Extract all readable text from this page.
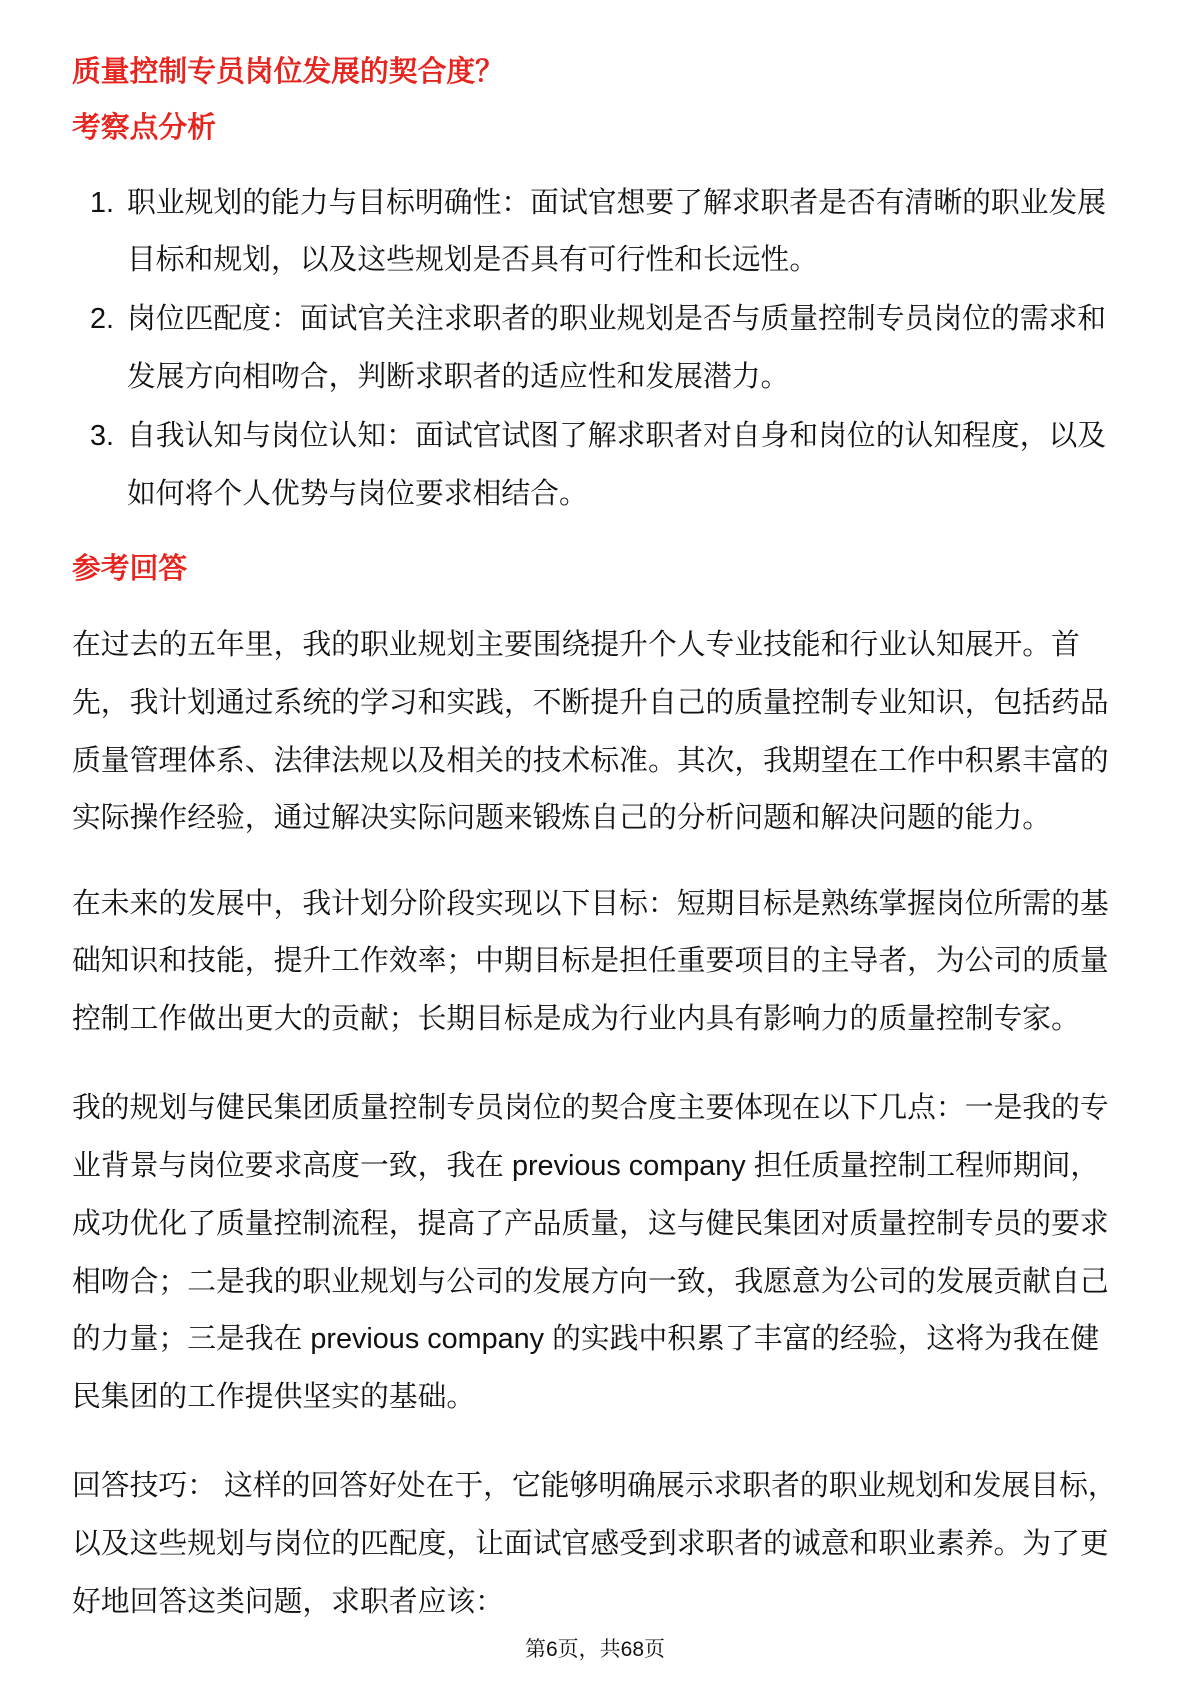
质量控制专员岗位发展的契合度？
考察点分析
1. 职业规划的能力与目标明确性：面试官想要了解求职者是否有清晰的职业发展
目标和规划，以及这些规划是否具有可行性和长远性。
2. 岗位匹配度：面试官关注求职者的职业规划是否与质量控制专员岗位的需求和
发展方向相吻合，判断求职者的适应性和发展潜力。
3. 自我认知与岗位认知：面试官试图了解求职者对自身和岗位的认知程度，以及
如何将个人优势与岗位要求相结合。
参考回答
在过去的五年里，我的职业规划主要围绕提升个人专业技能和行业认知展开。首
先，我计划通过系统的学习和实践，不断提升自己的质量控制专业知识，包括药品
质量管理体系、法律法规以及相关的技术标准。其次，我期望在工作中积累丰富的
实际操作经验，通过解决实际问题来锻炼自己的分析问题和解决问题的能力。
在未来的发展中，我计划分阶段实现以下目标：短期目标是熟练掌握岗位所需的基
础知识和技能，提升工作效率；中期目标是担任重要项目的主导者，为公司的质量
控制工作做出更大的贡献；长期目标是成为行业内具有影响力的质量控制专家。
我的规划与健民集团质量控制专员岗位的契合度主要体现在以下几点：一是我的专
业背景与岗位要求高度一致，我在 previous company 担任质量控制工程师期间，
成功优化了质量控制流程，提高了产品质量，这与健民集团对质量控制专员的要求
相吻合；二是我的职业规划与公司的发展方向一致，我愿意为公司的发展贡献自己
的力量；三是我在 previous company 的实践中积累了丰富的经验，这将为我在健
民集团的工作提供坚实的基础。
回答技巧： 这样的回答好处在于，它能够明确展示求职者的职业规划和发展目标，
以及这些规划与岗位的匹配度，让面试官感受到求职者的诚意和职业素养。为了更
好地回答这类问题，求职者应该：
第6页，共68页
